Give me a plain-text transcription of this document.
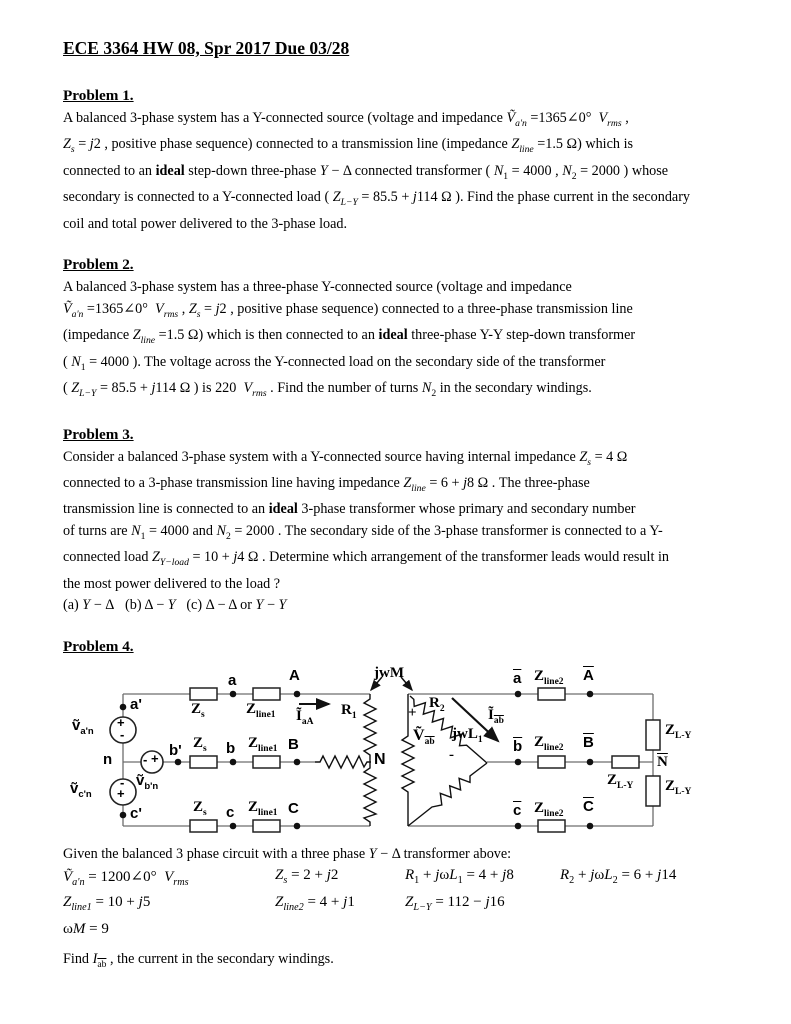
ECE 3364 HW 08, Spr 2017 Due 03/28
Problem 1.

A balanced 3-phase system has a Y-connected source (voltage and impedance Ṽ$_{a'n}$ =1365∠0°  $V_{rms}$ ,
$Z_s = j2$ , positive phase sequence) connected to a transmission line (impedance $Z_{line} =1.5$ Ω) which is
connected to an ideal step-down three-phase Y − Δ connected transformer ( $N_1 = 4000$ , $N_2 = 2000$ ) whose
secondary is connected to a Y-connected load ( $Z_{L-Y} = 85.5 + j114$ Ω ). Find the phase current in the secondary
coil and total power delivered to the 3-phase load.

Problem 2.

A balanced 3-phase system has a three-phase Y-connected source (voltage and impedance
Ṽ$_{a'n}$ =1365∠0°  $V_{rms}$ , $Z_s = j2$ , positive phase sequence) connected to a three-phase transmission line
(impedance $Z_{line} =1.5$ Ω) which is then connected to an ideal three-phase Y-Y step-down transformer
( $N_1 = 4000$ ). The voltage across the Y-connected load on the secondary side of the transformer
( $Z_{L-Y} = 85.5 + j114$ Ω ) is 220  $V_{rms}$ . Find the number of turns $N_2$ in the secondary windings.

Problem 3.

Consider a balanced 3-phase system with a Y-connected source having internal impedance $Z_s = 4$ Ω
connected to a 3-phase transmission line having impedance $Z_{line} = 6 + j8$ Ω . The three-phase
transmission line is connected to an ideal 3-phase transformer whose primary and secondary number
of turns are $N_1 = 4000$ and $N_2 = 2000$ . The secondary side of the 3-phase transformer is connected to a Y-
connected load $Z_{Y-load} = 10 + j4$ Ω . Determine which arrangement of the transformer leads would result in
the most power delivered to the load ?

(a) Y − Δ   (b) Δ − Y   (c) Δ − Δ or Y − Y

Problem 4.
ṽ$_{a'n}$
a'
n
ṽ$_{b'n}$
b'
ṽ$_{c'n}$
c'
+
-
- +
-
+
$Z_s$	$Z_{line1}$
a	A
$Ĩ_{aA}$
$Z_s$ b $Z_{line1}$ B
$Z_s$ c $Z_{line1}$ C
$R_1$
N
jwM
+
$R_2$
jwL$_1$
Ṽ$_{\overline{ab}}$
-
$Ĩ_{\overline{ab}}$
$\overline{a}$ $Z_{line2}$ $\overline{A}$
$Z_{L-Y}$
$\overline{N}$
$\overline{b}$ $Z_{line2}$ $\overline{B}$
$Z_{L-Y}$
$\overline{c}$ $Z_{line2}$ $\overline{C}$
$Z_{L-Y}$

Given the balanced 3 phase circuit with a three phase Y − Δ transformer above:

Ṽ$_{a'n}$ = 1200∠0°  $V_{rms}$	$Z_s = 2 + j2$	$R_1 + j\omega L_1 = 4 + j8$	$R_2 + j\omega L_2 = 6 + j14$
$Z_{line1} = 10 + j5$	$Z_{line2} = 4 + j1$	$Z_{L-Y} = 112 - j16$
ωM = 9

Find $I_{\overline{ab}}$ , the current in the secondary windings.
